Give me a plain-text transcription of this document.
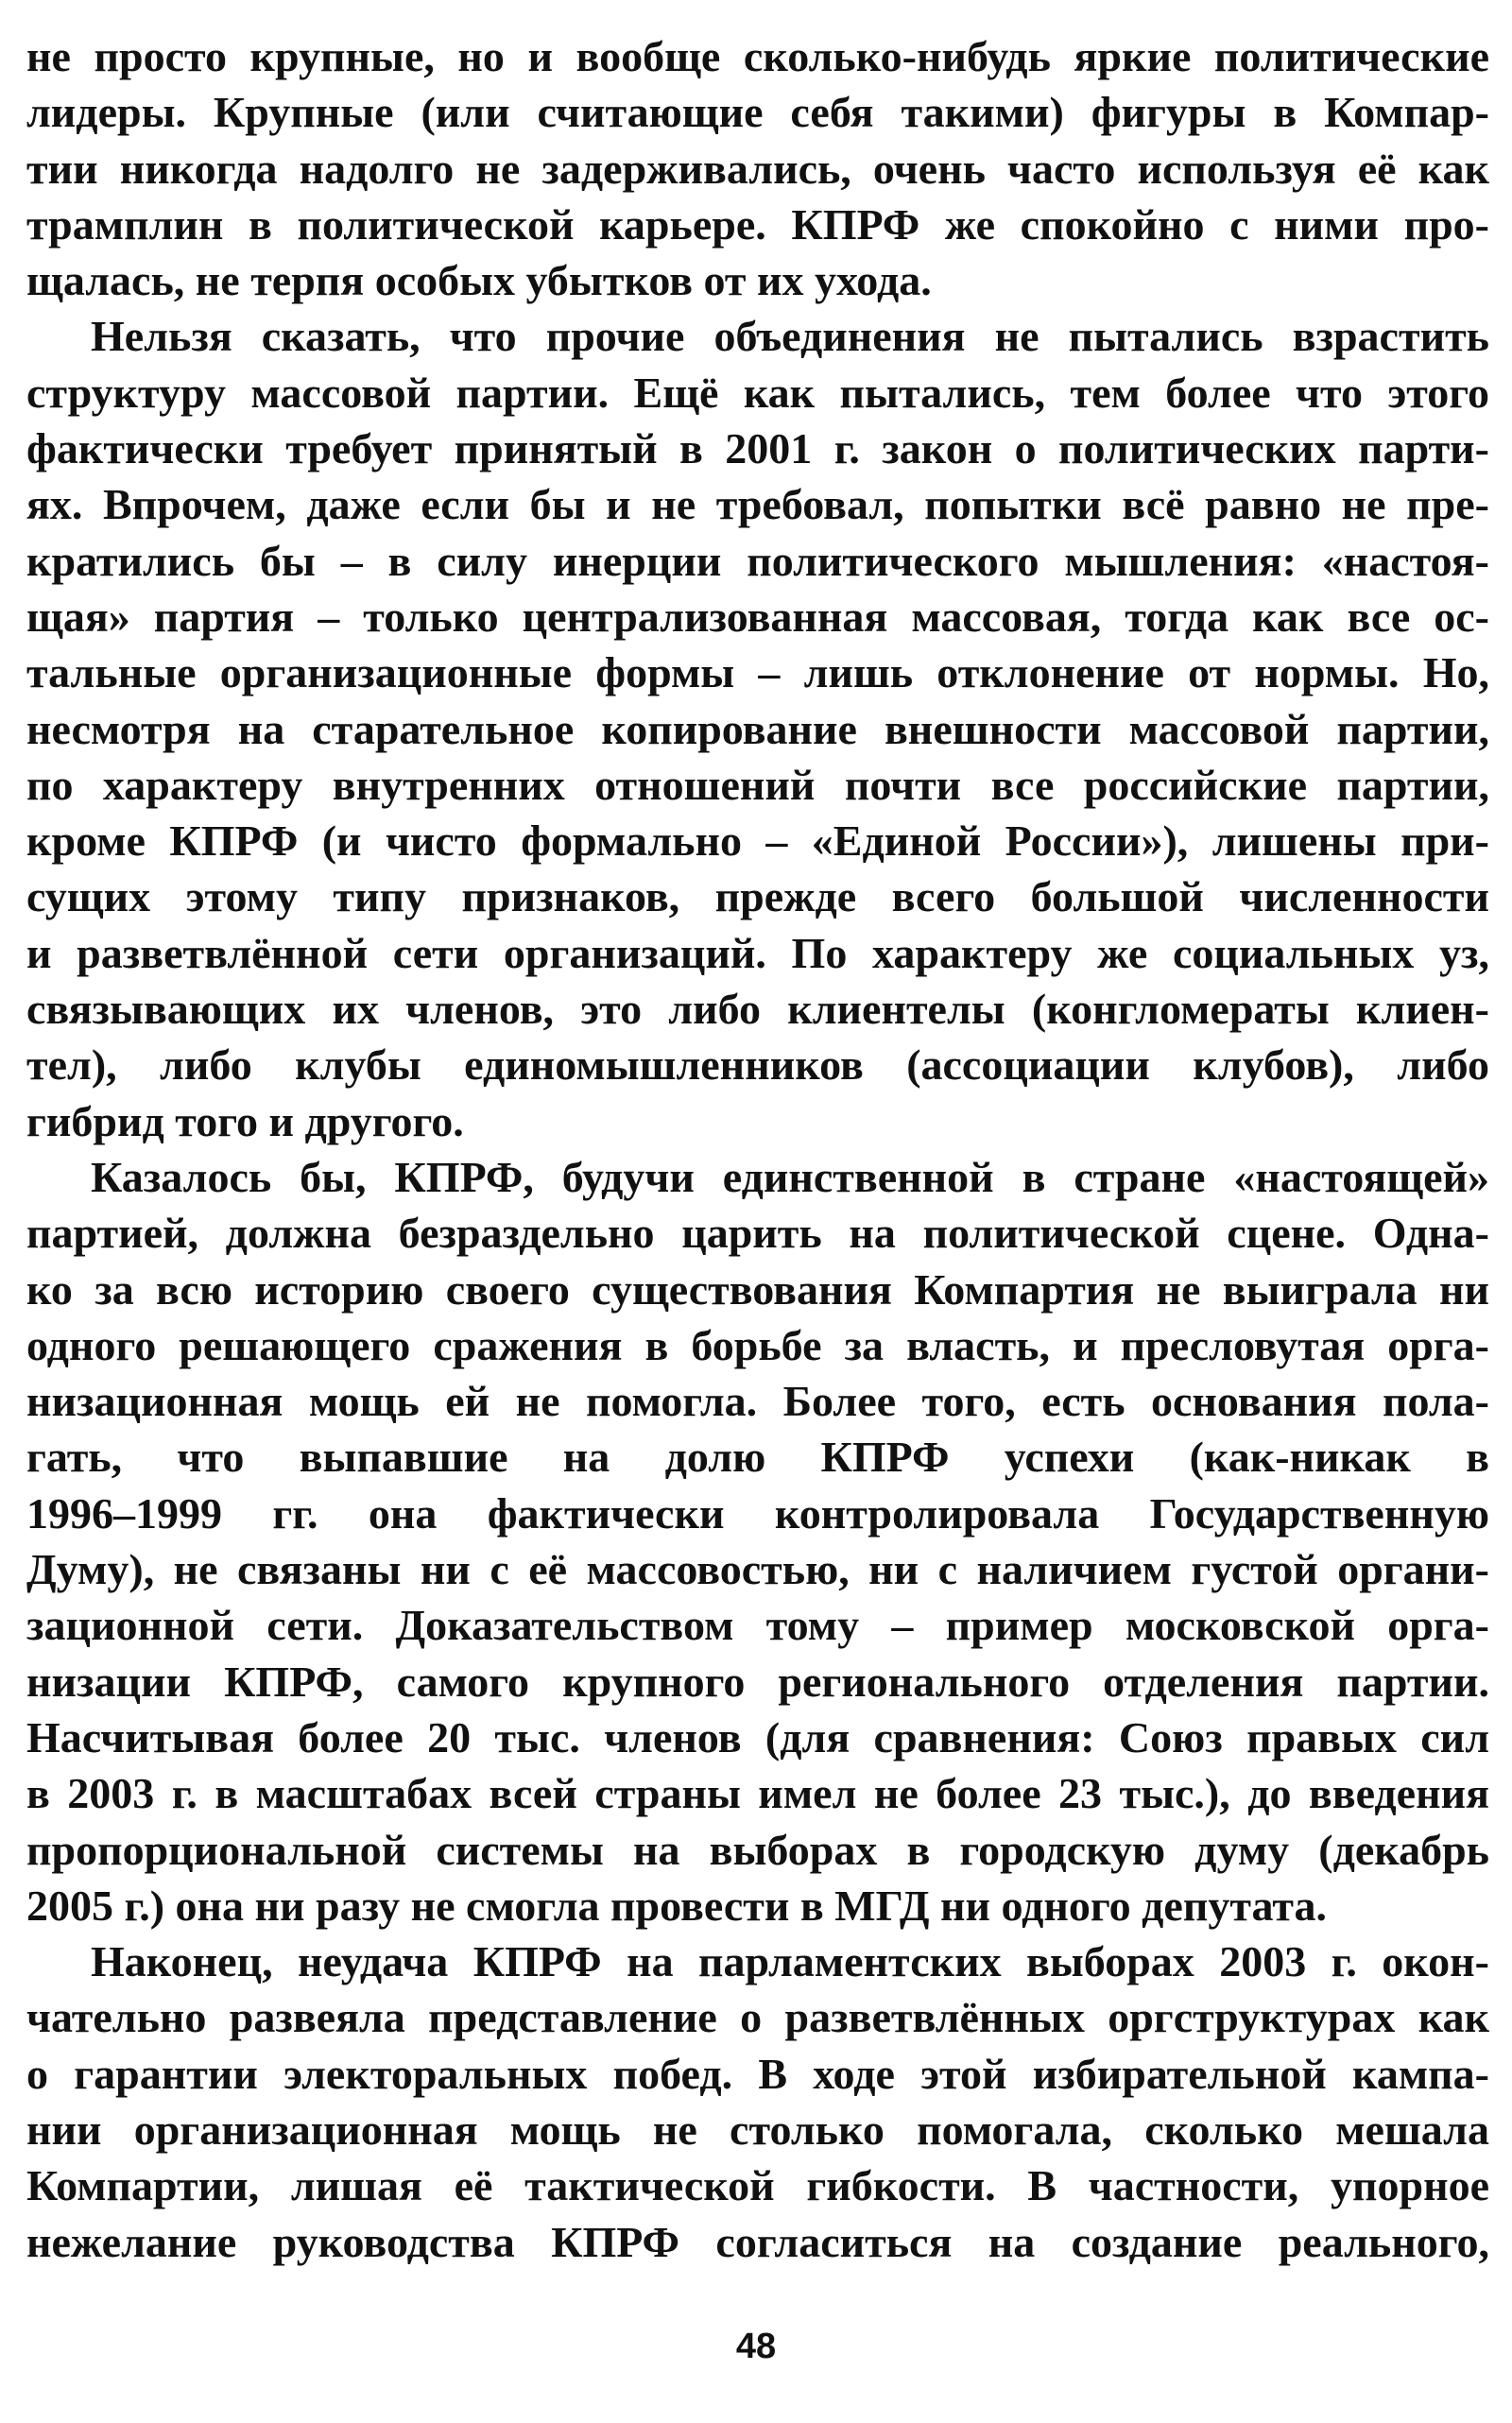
не просто крупные, но и вообще сколько-нибудь яркие политические
лидеры. Крупные (или считающие себя такими) фигуры в Компар-
тии никогда надолго не задерживались, очень часто используя её как
трамплин в политической карьере. КПРФ же спокойно с ними про-
щалась, не терпя особых убытков от их ухода.
Нельзя сказать, что прочие объединения не пытались взрастить
структуру массовой партии. Ещё как пытались, тем более что этого
фактически требует принятый в 2001 г. закон о политических парти-
ях. Впрочем, даже если бы и не требовал, попытки всё равно не пре-
кратились бы – в силу инерции политического мышления: «настоя-
щая» партия – только централизованная массовая, тогда как все ос-
тальные организационные формы – лишь отклонение от нормы. Но,
несмотря на старательное копирование внешности массовой партии,
по характеру внутренних отношений почти все российские партии,
кроме КПРФ (и чисто формально – «Единой России»), лишены при-
сущих этому типу признаков, прежде всего большой численности
и разветвлённой сети организаций. По характеру же социальных уз,
связывающих их членов, это либо клиентелы (конгломераты клиен-
тел), либо клубы единомышленников (ассоциации клубов), либо
гибрид того и другого.
Казалось бы, КПРФ, будучи единственной в стране «настоящей»
партией, должна безраздельно царить на политической сцене. Одна-
ко за всю историю своего существования Компартия не выиграла ни
одного решающего сражения в борьбе за власть, и пресловутая орга-
низационная мощь ей не помогла. Более того, есть основания пола-
гать, что выпавшие на долю КПРФ успехи (как-никак в
1996–1999 гг. она фактически контролировала Государственную
Думу), не связаны ни с её массовостью, ни с наличием густой органи-
зационной сети. Доказательством тому – пример московской орга-
низации КПРФ, самого крупного регионального отделения партии.
Насчитывая более 20 тыс. членов (для сравнения: Союз правых сил
в 2003 г. в масштабах всей страны имел не более 23 тыс.), до введения
пропорциональной системы на выборах в городскую думу (декабрь
2005 г.) она ни разу не смогла провести в МГД ни одного депутата.
Наконец, неудача КПРФ на парламентских выборах 2003 г. окон-
чательно развеяла представление о разветвлённых оргструктурах как
о гарантии электоральных побед. В ходе этой избирательной кампа-
нии организационная мощь не столько помогала, сколько мешала
Компартии, лишая её тактической гибкости. В частности, упорное
нежелание руководства КПРФ согласиться на создание реального,
48
